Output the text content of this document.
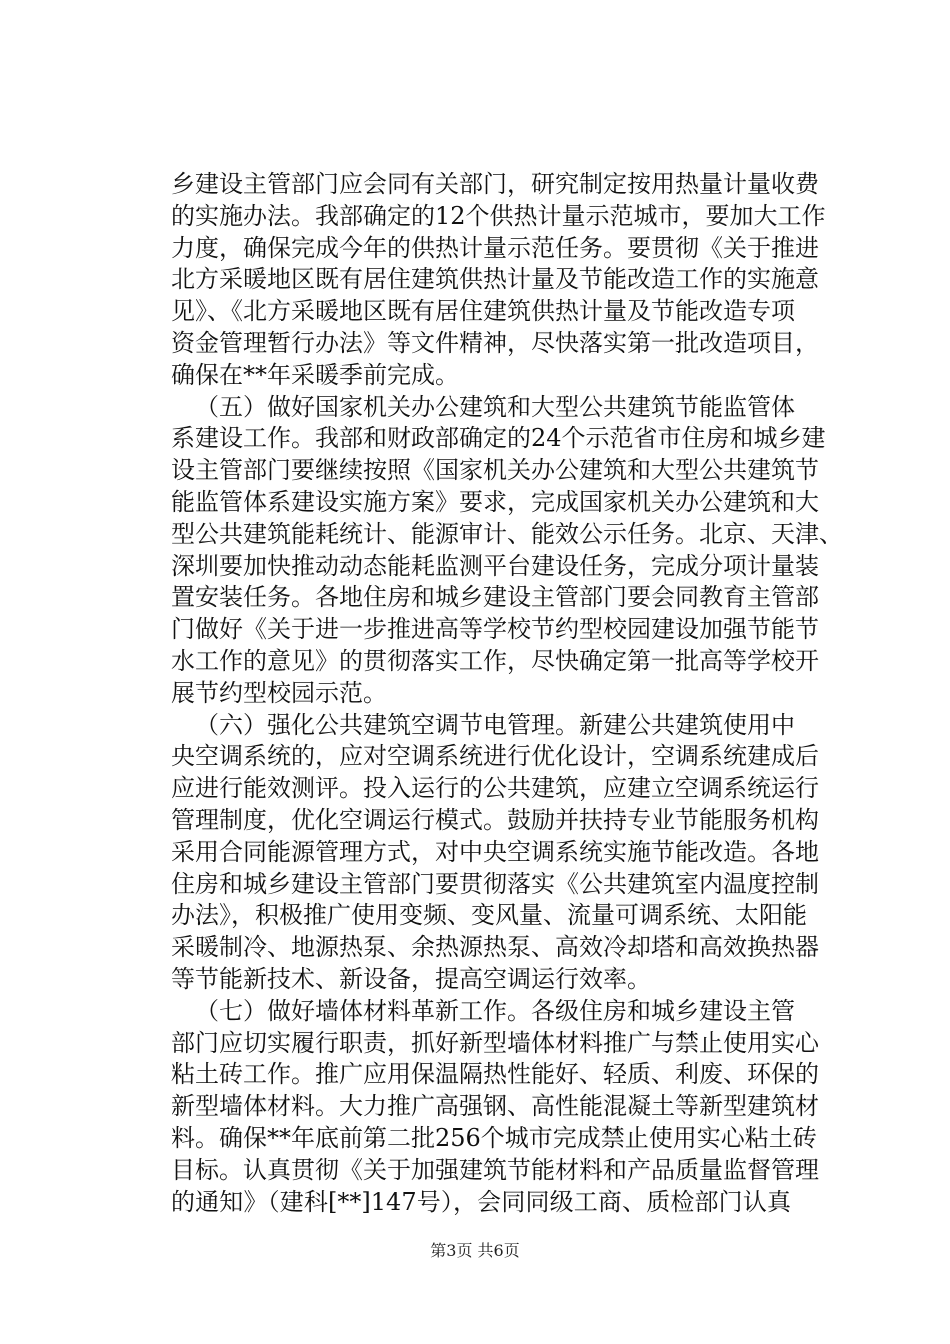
乡建设主管部门应会同有关部门，研究制定按用热量计量收费
的实施办法。我部确定的12个供热计量示范城市，要加大工作
力度，确保完成今年的供热计量示范任务。要贯彻《关于推进
北方采暖地区既有居住建筑供热计量及节能改造工作的实施意
见》、《北方采暖地区既有居住建筑供热计量及节能改造专项
资金管理暂行办法》等文件精神，尽快落实第一批改造项目，
确保在**年采暖季前完成。
（五）做好国家机关办公建筑和大型公共建筑节能监管体
系建设工作。我部和财政部确定的24个示范省市住房和城乡建
设主管部门要继续按照《国家机关办公建筑和大型公共建筑节
能监管体系建设实施方案》要求，完成国家机关办公建筑和大
型公共建筑能耗统计、能源审计、能效公示任务。北京、天津、
深圳要加快推动动态能耗监测平台建设任务，完成分项计量装
置安装任务。各地住房和城乡建设主管部门要会同教育主管部
门做好《关于进一步推进高等学校节约型校园建设加强节能节
水工作的意见》的贯彻落实工作，尽快确定第一批高等学校开
展节约型校园示范。
（六）强化公共建筑空调节电管理。新建公共建筑使用中
央空调系统的，应对空调系统进行优化设计，空调系统建成后
应进行能效测评。投入运行的公共建筑，应建立空调系统运行
管理制度，优化空调运行模式。鼓励并扶持专业节能服务机构
采用合同能源管理方式，对中央空调系统实施节能改造。各地
住房和城乡建设主管部门要贯彻落实《公共建筑室内温度控制
办法》，积极推广使用变频、变风量、流量可调系统、太阳能
采暖制冷、地源热泵、余热源热泵、高效冷却塔和高效换热器
等节能新技术、新设备，提高空调运行效率。
（七）做好墙体材料革新工作。各级住房和城乡建设主管
部门应切实履行职责，抓好新型墙体材料推广与禁止使用实心
粘土砖工作。推广应用保温隔热性能好、轻质、利废、环保的
新型墙体材料。大力推广高强钢、高性能混凝土等新型建筑材
料。确保**年底前第二批256个城市完成禁止使用实心粘土砖
目标。认真贯彻《关于加强建筑节能材料和产品质量监督管理
的通知》（建科[**]147号），会同同级工商、质检部门认真
第3页 共6页
